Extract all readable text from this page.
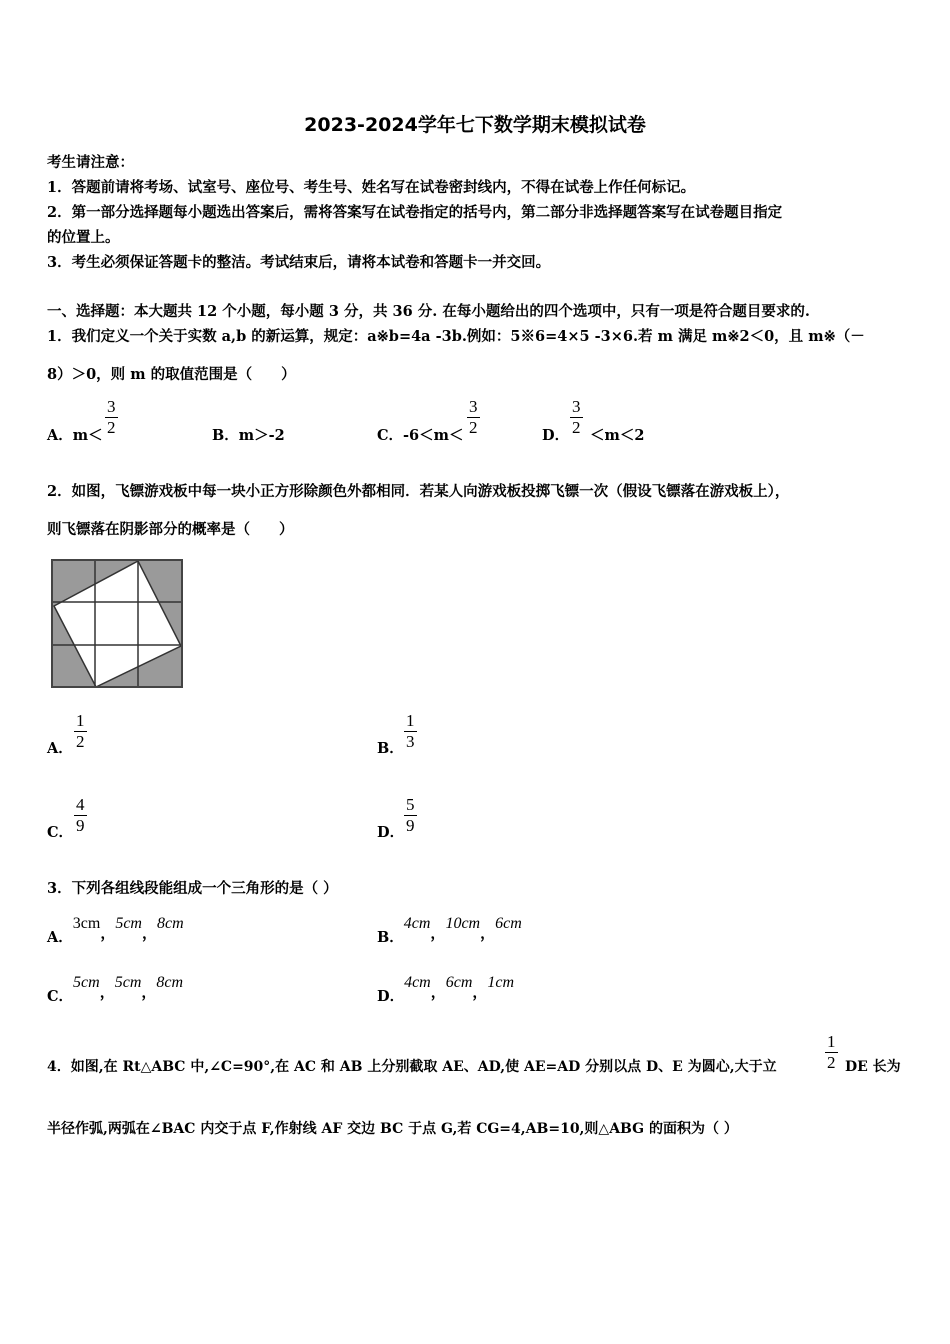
2023-2024学年七下数学期末模拟试卷
考生请注意：
1．答题前请将考场、试室号、座位号、考生号、姓名写在试卷密封线内，不得在试卷上作任何标记。
2．第一部分选择题每小题选出答案后，需将答案写在试卷指定的括号内，第二部分非选择题答案写在试卷题目指定
的位置上。
3．考生必须保证答题卡的整洁。考试结束后，请将本试卷和答题卡一并交回。
一、选择题：本大题共 12 个小题，每小题 3 分，共 36 分. 在每小题给出的四个选项中，只有一项是符合题目要求的.
1．我们定义一个关于实数 a,b 的新运算，规定：a※b=4a -3b.例如：5※6=4×5 -3×6.若 m 满足 m※2＜0，且 m※（－
8）＞0，则 m 的取值范围是（　　）
A．$m< \frac{3}{2}$	B．m＞-2	C．$-6<m< \frac{3}{2}$	D． $\frac{3}{2} <m<2$
2．如图，飞镖游戏板中每一块小正方形除颜色外都相同．若某人向游戏板投掷飞镖一次（假设飞镖落在游戏板上），
则飞镖落在阴影部分的概率是（　　）
A． $\frac{1}{2}$	B． $\frac{1}{3}$
C． $\frac{4}{9}$	D． $\frac{5}{9}$
3．下列各组线段能组成一个三角形的是（ ）
A．3cm，5cm，8cm
B．4cm，10cm，6cm
C．5cm，5cm，8cm
D．4cm，6cm，1cm
4．如图,在 Rt△ABC 中,∠C=90°,在 AC 和 AB 上分别截取 AE、AD,使 AE=AD 分别以点 D、E 为圆心,大于立	$\frac{1}{2}$ DE 长为
半径作弧,两弧在∠BAC 内交于点 F,作射线 AF 交边 BC 于点 G,若 CG=4,AB=10,则△ABG 的面积为（ ）
